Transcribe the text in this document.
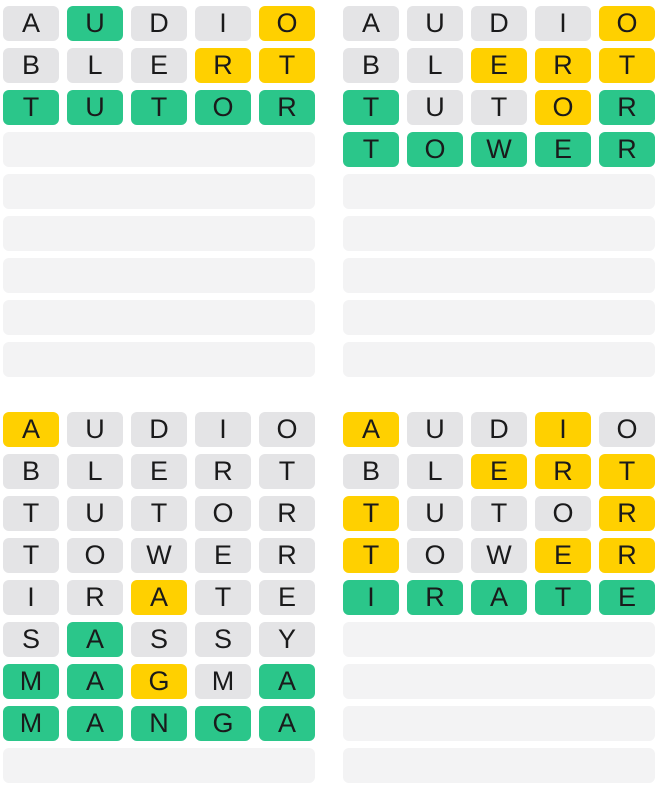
A	U	D	I	O
B	L	E	R	T
T	U	T	O	R
A	U	D	I	O
B	L	E	R	T
T	U	T	O	R
T	O	W	E	R
A	U	D	I	O
B	L	E	R	T
T	U	T	O	R
T	O	W	E	R
I	R	A	T	E
S	A	S	S	Y
M	A	G	M	A
M	A	N	G	A
A	U	D	I	O
B	L	E	R	T
T	U	T	O	R
T	O	W	E	R
I	R	A	T	E
